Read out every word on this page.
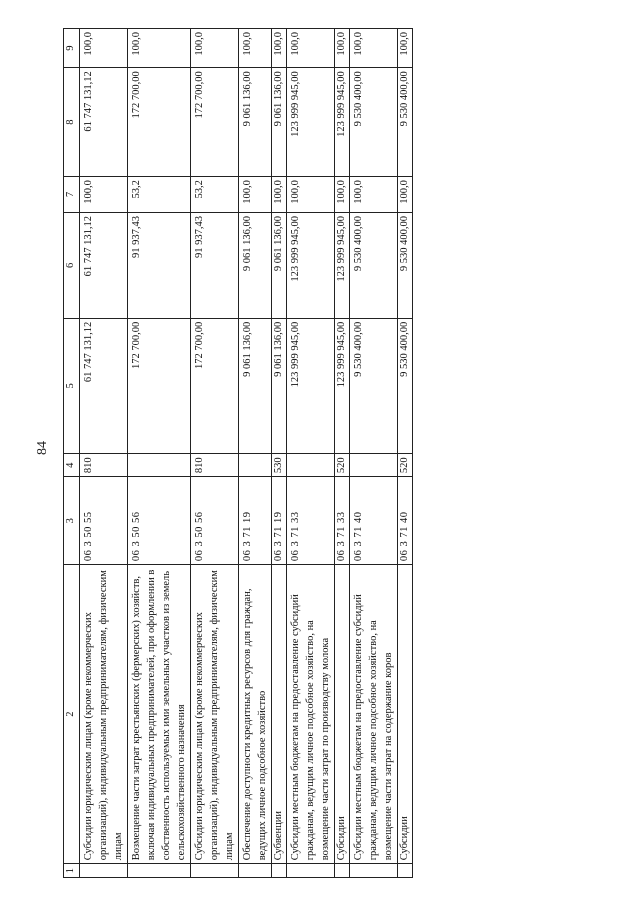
84
1	2	3	4	5	6	7	8	9
	Субсидии юридическим лицам (кроме некоммерческих организаций), индивидуальным предпринимателям, физическим лицам	06 3 50 55	810	61 747 131,12	61 747 131,12	100,0	61 747 131,12	100,0
	Возмещение части затрат крестьянских (фермерских) хозяйств, включая индивидуальных предпринимателей, при оформлении в собственность используемых ими земельных участков из земель сельскохозяйственного назначения	06 3 50 56		172 700,00	91 937,43	53,2	172 700,00	100,0
	Субсидии юридическим лицам (кроме некоммерческих организаций), индивидуальным предпринимателям, физическим лицам	06 3 50 56	810	172 700,00	91 937,43	53,2	172 700,00	100,0
	Обеспечение доступности кредитных ресурсов для граждан, ведущих личное подсобное хозяйство	06 3 71 19		9 061 136,00	9 061 136,00	100,0	9 061 136,00	100,0
	Субвенции	06 3 71 19	530	9 061 136,00	9 061 136,00	100,0	9 061 136,00	100,0
	Субсидии местным бюджетам на предоставление субсидий гражданам, ведущим личное подсобное хозяйство, на возмещение части затрат по производству молока	06 3 71 33		123 999 945,00	123 999 945,00	100,0	123 999 945,00	100,0
	Субсидии	06 3 71 33	520	123 999 945,00	123 999 945,00	100,0	123 999 945,00	100,0
	Субсидии местным бюджетам на предоставление субсидий гражданам, ведущим личное подсобное хозяйство, на возмещение части затрат на содержание коров	06 3 71 40		9 530 400,00	9 530 400,00	100,0	9 530 400,00	100,0
	Субсидии	06 3 71 40	520	9 530 400,00	9 530 400,00	100,0	9 530 400,00	100,0
